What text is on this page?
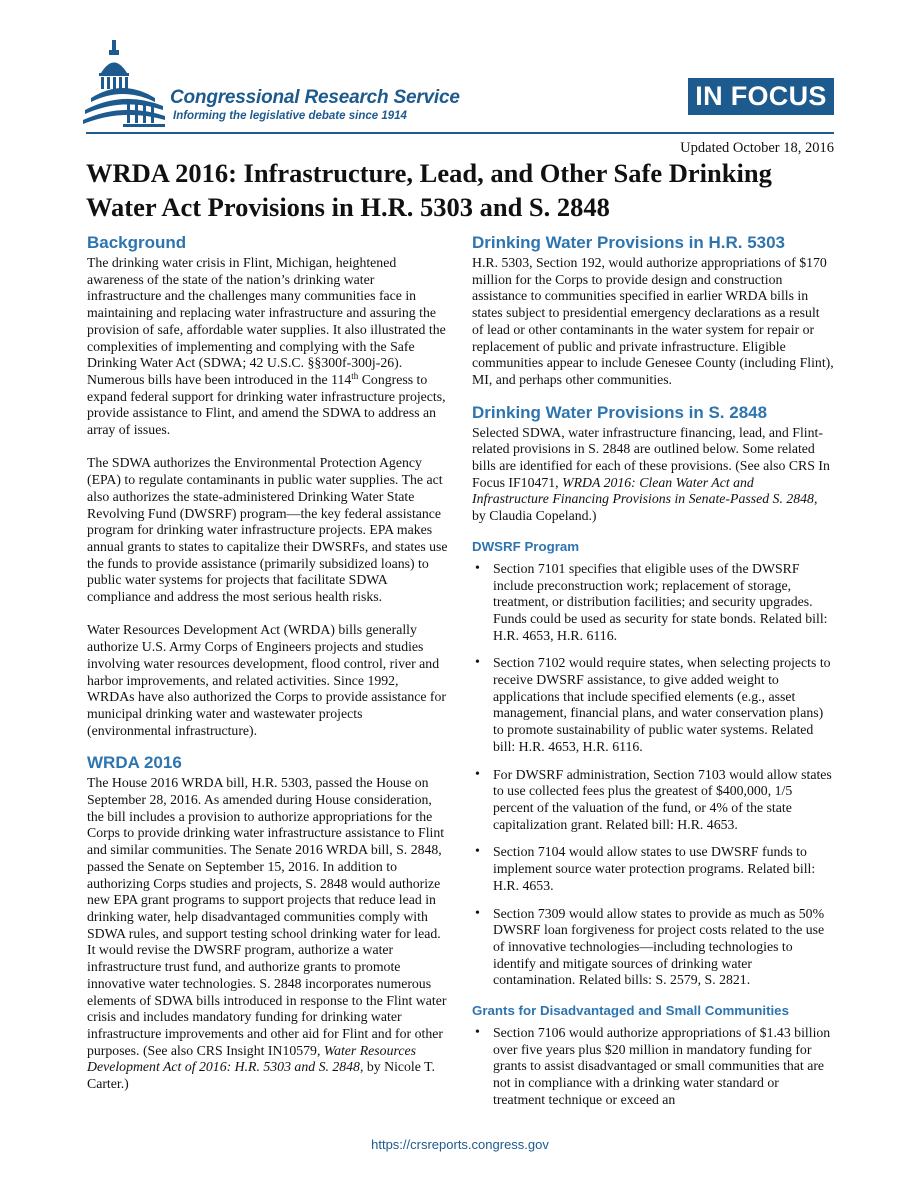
Congressional Research Service
Informing the legislative debate since 1914
IN FOCUS
Updated October 18, 2016
WRDA 2016: Infrastructure, Lead, and Other Safe Drinking Water Act Provisions in H.R. 5303 and S. 2848
Background

The drinking water crisis in Flint, Michigan, heightened awareness of the state of the nation’s drinking water infrastructure and the challenges many communities face in maintaining and replacing water infrastructure and assuring the provision of safe, affordable water supplies. It also illustrated the complexities of implementing and complying with the Safe Drinking Water Act (SDWA; 42 U.S.C. §§300f-300j-26). Numerous bills have been introduced in the 114th Congress to expand federal support for drinking water infrastructure projects, provide assistance to Flint, and amend the SDWA to address an array of issues.

The SDWA authorizes the Environmental Protection Agency (EPA) to regulate contaminants in public water supplies. The act also authorizes the state-administered Drinking Water State Revolving Fund (DWSRF) program—the key federal assistance program for drinking water infrastructure projects. EPA makes annual grants to states to capitalize their DWSRFs, and states use the funds to provide assistance (primarily subsidized loans) to public water systems for projects that facilitate SDWA compliance and address the most serious health risks.

Water Resources Development Act (WRDA) bills generally authorize U.S. Army Corps of Engineers projects and studies involving water resources development, flood control, river and harbor improvements, and related activities. Since 1992, WRDAs have also authorized the Corps to provide assistance for municipal drinking water and wastewater projects (environmental infrastructure).

WRDA 2016

The House 2016 WRDA bill, H.R. 5303, passed the House on September 28, 2016. As amended during House consideration, the bill includes a provision to authorize appropriations for the Corps to provide drinking water infrastructure assistance to Flint and similar communities. The Senate 2016 WRDA bill, S. 2848, passed the Senate on September 15, 2016. In addition to authorizing Corps studies and projects, S. 2848 would authorize new EPA grant programs to support projects that reduce lead in drinking water, help disadvantaged communities comply with SDWA rules, and support testing school drinking water for lead. It would revise the DWSRF program, authorize a water infrastructure trust fund, and authorize grants to promote innovative water technologies. S. 2848 incorporates numerous elements of SDWA bills introduced in response to the Flint water crisis and includes mandatory funding for drinking water infrastructure improvements and other aid for Flint and for other purposes. (See also CRS Insight IN10579, Water Resources Development Act of 2016: H.R. 5303 and S. 2848, by Nicole T. Carter.)

Drinking Water Provisions in H.R. 5303

H.R. 5303, Section 192, would authorize appropriations of $170 million for the Corps to provide design and construction assistance to communities specified in earlier WRDA bills in states subject to presidential emergency declarations as a result of lead or other contaminants in the water system for repair or replacement of public and private infrastructure. Eligible communities appear to include Genesee County (including Flint), MI, and perhaps other communities.

Drinking Water Provisions in S. 2848

Selected SDWA, water infrastructure financing, lead, and Flint-related provisions in S. 2848 are outlined below. Some related bills are identified for each of these provisions. (See also CRS In Focus IF10471, WRDA 2016: Clean Water Act and Infrastructure Financing Provisions in Senate-Passed S. 2848, by Claudia Copeland.)

DWSRF Program
• Section 7101 specifies that eligible uses of the DWSRF include preconstruction work; replacement of storage, treatment, or distribution facilities; and security upgrades. Funds could be used as security for state bonds. Related bill: H.R. 4653, H.R. 6116.
• Section 7102 would require states, when selecting projects to receive DWSRF assistance, to give added weight to applications that include specified elements (e.g., asset management, financial plans, and water conservation plans) to promote sustainability of public water systems. Related bill: H.R. 4653, H.R. 6116.
• For DWSRF administration, Section 7103 would allow states to use collected fees plus the greatest of $400,000, 1/5 percent of the valuation of the fund, or 4% of the state capitalization grant. Related bill: H.R. 4653.
• Section 7104 would allow states to use DWSRF funds to implement source water protection programs. Related bill: H.R. 4653.
• Section 7309 would allow states to provide as much as 50% DWSRF loan forgiveness for project costs related to the use of innovative technologies—including technologies to identify and mitigate sources of drinking water contamination. Related bills: S. 2579, S. 2821.
Grants for Disadvantaged and Small Communities
• Section 7106 would authorize appropriations of $1.43 billion over five years plus $20 million in mandatory funding for grants to assist disadvantaged or small communities that are not in compliance with a drinking water standard or treatment technique or exceed an
https://crsreports.congress.gov
